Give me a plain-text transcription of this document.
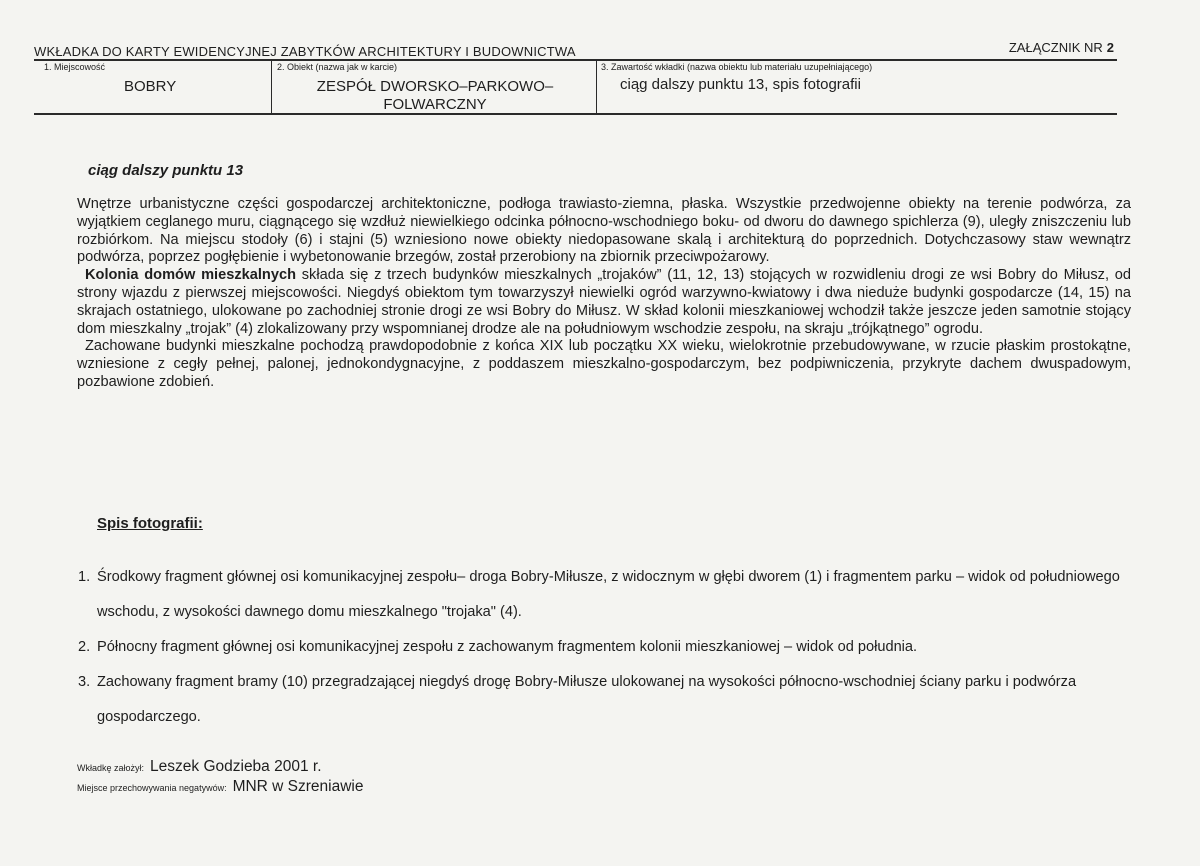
WKŁADKA DO KARTY EWIDENCYJNEJ ZABYTKÓW ARCHITEKTURY I BUDOWNICTWA	ZAŁĄCZNIK NR 2
1. Miejscowość
BOBRY
2. Obiekt (nazwa jak w karcie)
ZESPÓŁ DWORSKO–PARKOWO–
FOLWARCZNY
3. Zawartość wkładki (nazwa obiektu lub materiału uzupełniającego)
ciąg dalszy punktu 13, spis fotografii
ciąg dalszy punktu 13

Wnętrze urbanistyczne części gospodarczej architektoniczne, podłoga trawiasto-ziemna, płaska. Wszystkie przedwojenne obiekty na terenie podwórza, za wyjątkiem ceglanego muru, ciągnącego się wzdłuż niewielkiego odcinka północno-wschodniego boku- od dworu do dawnego spichlerza (9), uległy zniszczeniu lub rozbiórkom. Na miejscu stodoły (6) i stajni (5) wzniesiono nowe obiekty niedopasowane skalą i architekturą do poprzednich. Dotychczasowy staw wewnątrz podwórza, poprzez pogłębienie i wybetonowanie brzegów, został przerobiony na zbiornik przeciwpożarowy.

Kolonia domów mieszkalnych składa się z trzech budynków mieszkalnych „trojaków” (11, 12, 13) stojących w rozwidleniu drogi ze wsi Bobry do Miłusz, od strony wjazdu z pierwszej miejscowości. Niegdyś obiektom tym towarzyszył niewielki ogród warzywno-kwiatowy i dwa nieduże budynki gospodarcze (14, 15) na skrajach ostatniego, ulokowane po zachodniej stronie drogi ze wsi Bobry do Miłusz. W skład kolonii mieszkaniowej wchodził także jeszcze jeden samotnie stojący dom mieszkalny „trojak” (4) zlokalizowany przy wspomnianej drodze ale na południowym wschodzie zespołu, na skraju „trójkątnego” ogrodu.

Zachowane budynki mieszkalne pochodzą prawdopodobnie z końca XIX lub początku XX wieku, wielokrotnie przebudowywane, w rzucie płaskim prostokątne, wzniesione z cegły pełnej, palonej, jednokondygnacyjne, z poddaszem mieszkalno-gospodarczym, bez podpiwniczenia, przykryte dachem dwuspadowym, pozbawione zdobień.

Spis fotografii:
1. Środkowy fragment głównej osi komunikacyjnej zespołu– droga Bobry-Miłusze, z widocznym w głębi dworem (1) i fragmentem parku – widok od południowego wschodu, z wysokości dawnego domu mieszkalnego "trojaka" (4).
2. Północny fragment głównej osi komunikacyjnej zespołu z zachowanym fragmentem kolonii mieszkaniowej – widok od południa.
3. Zachowany fragment bramy (10) przegradzającej niegdyś drogę Bobry-Miłusze ulokowanej na wysokości północno-wschodniej ściany parku i podwórza gospodarczego.
Wkładkę założył: Leszek Godzieba 2001 r.
Miejsce przechowywania negatywów: MNR w Szreniawie
